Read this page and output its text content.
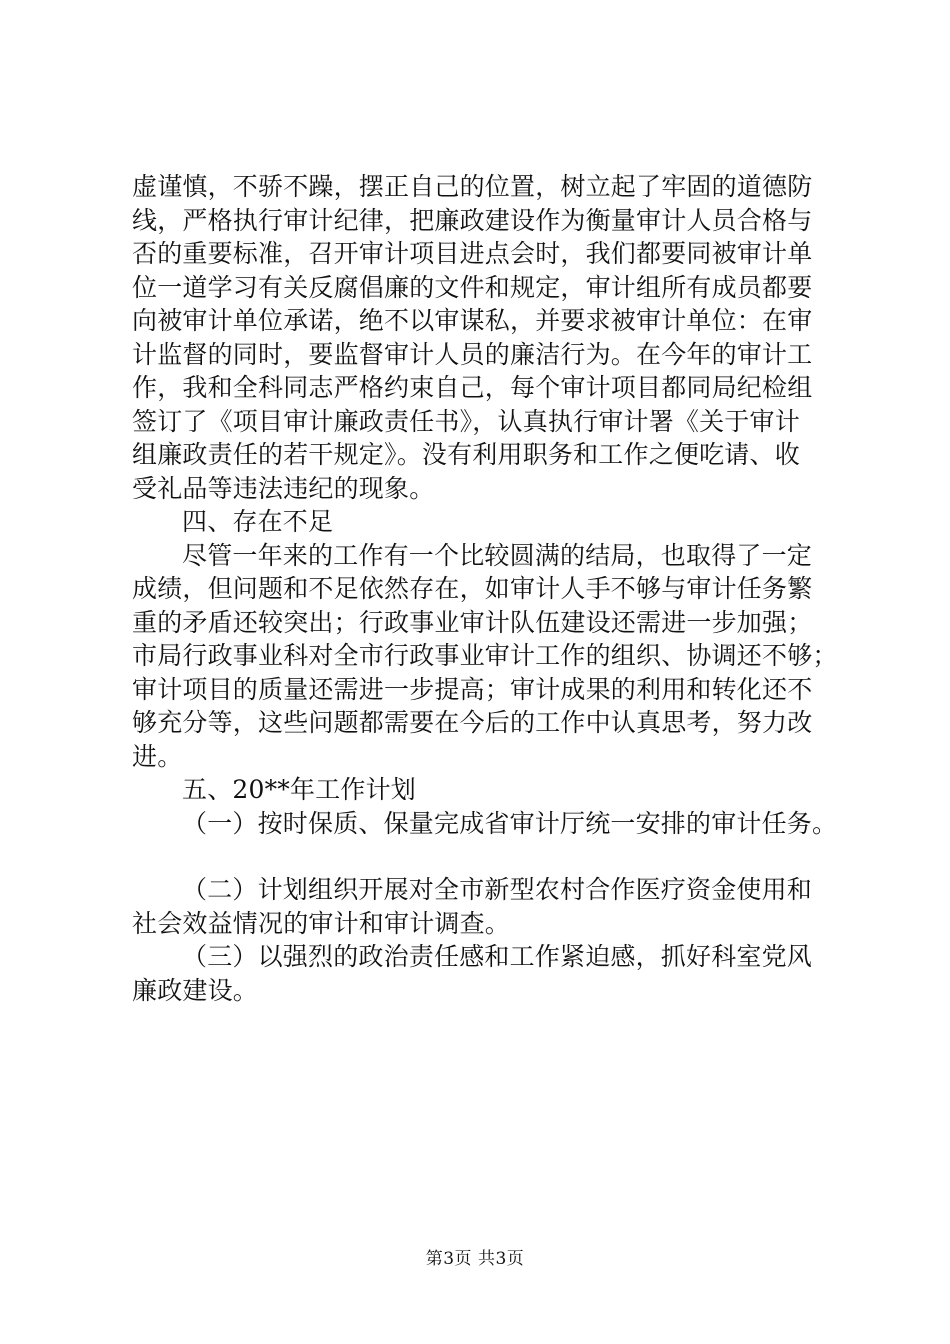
虚谨慎，不骄不躁，摆正自己的位置，树立起了牢固的道德防
线，严格执行审计纪律，把廉政建设作为衡量审计人员合格与
否的重要标准，召开审计项目进点会时，我们都要同被审计单
位一道学习有关反腐倡廉的文件和规定，审计组所有成员都要
向被审计单位承诺，绝不以审谋私，并要求被审计单位：在审
计监督的同时，要监督审计人员的廉洁行为。在今年的审计工
作，我和全科同志严格约束自己，每个审计项目都同局纪检组
签订了《项目审计廉政责任书》，认真执行审计署《关于审计
组廉政责任的若干规定》。没有利用职务和工作之便吃请、收
受礼品等违法违纪的现象。
四、存在不足
尽管一年来的工作有一个比较圆满的结局，也取得了一定
成绩，但问题和不足依然存在，如审计人手不够与审计任务繁
重的矛盾还较突出；行政事业审计队伍建设还需进一步加强；
市局行政事业科对全市行政事业审计工作的组织、协调还不够；
审计项目的质量还需进一步提高；审计成果的利用和转化还不
够充分等，这些问题都需要在今后的工作中认真思考，努力改
进。
五、20**年工作计划
（一）按时保质、保量完成省审计厅统一安排的审计任务。
（二）计划组织开展对全市新型农村合作医疗资金使用和
社会效益情况的审计和审计调查。
（三）以强烈的政治责任感和工作紧迫感，抓好科室党风
廉政建设。
第3页 共3页
